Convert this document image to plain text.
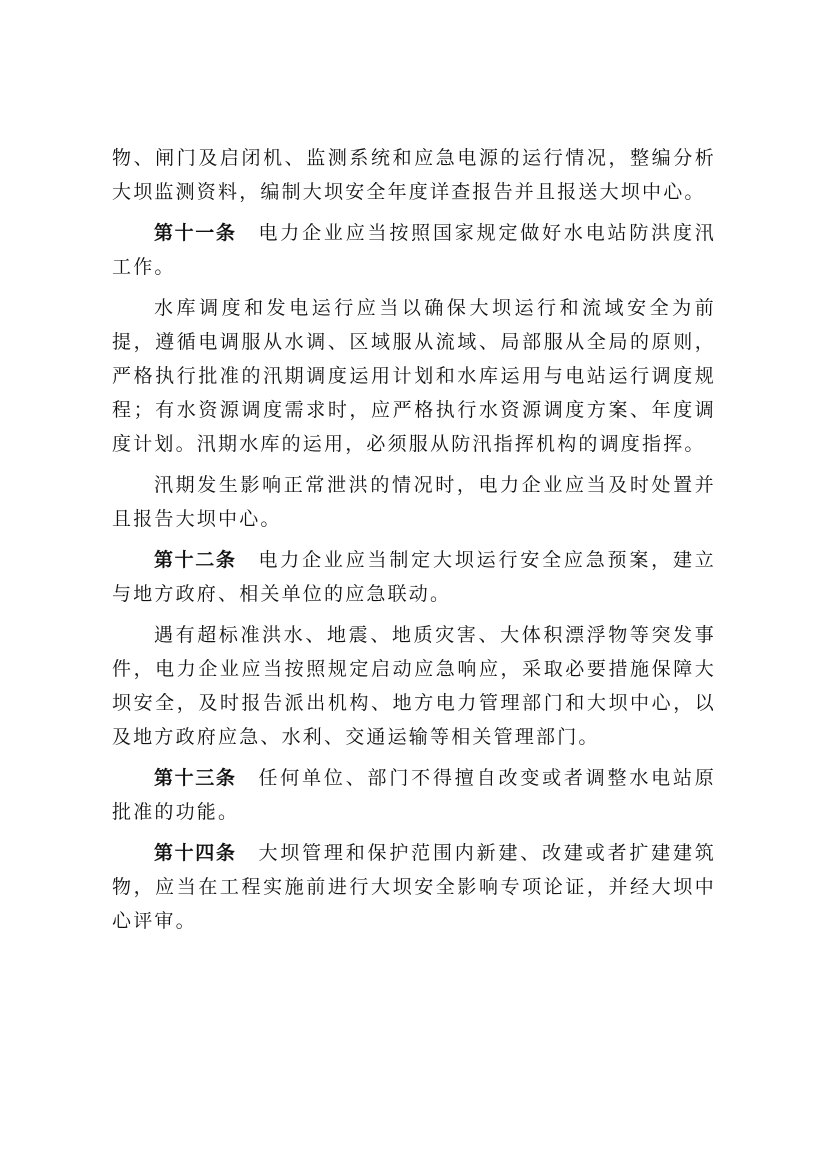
物、闸门及启闭机、监测系统和应急电源的运行情况，整编分析大坝监测资料，编制大坝安全年度详查报告并且报送大坝中心。

第十一条 电力企业应当按照国家规定做好水电站防洪度汛工作。

水库调度和发电运行应当以确保大坝运行和流域安全为前提，遵循电调服从水调、区域服从流域、局部服从全局的原则，严格执行批准的汛期调度运用计划和水库运用与电站运行调度规程；有水资源调度需求时，应严格执行水资源调度方案、年度调度计划。汛期水库的运用，必须服从防汛指挥机构的调度指挥。

汛期发生影响正常泄洪的情况时，电力企业应当及时处置并且报告大坝中心。

第十二条 电力企业应当制定大坝运行安全应急预案，建立与地方政府、相关单位的应急联动。

遇有超标准洪水、地震、地质灾害、大体积漂浮物等突发事件，电力企业应当按照规定启动应急响应，采取必要措施保障大坝安全，及时报告派出机构、地方电力管理部门和大坝中心，以及地方政府应急、水利、交通运输等相关管理部门。

第十三条 任何单位、部门不得擅自改变或者调整水电站原批准的功能。

第十四条 大坝管理和保护范围内新建、改建或者扩建建筑物，应当在工程实施前进行大坝安全影响专项论证，并经大坝中心评审。
